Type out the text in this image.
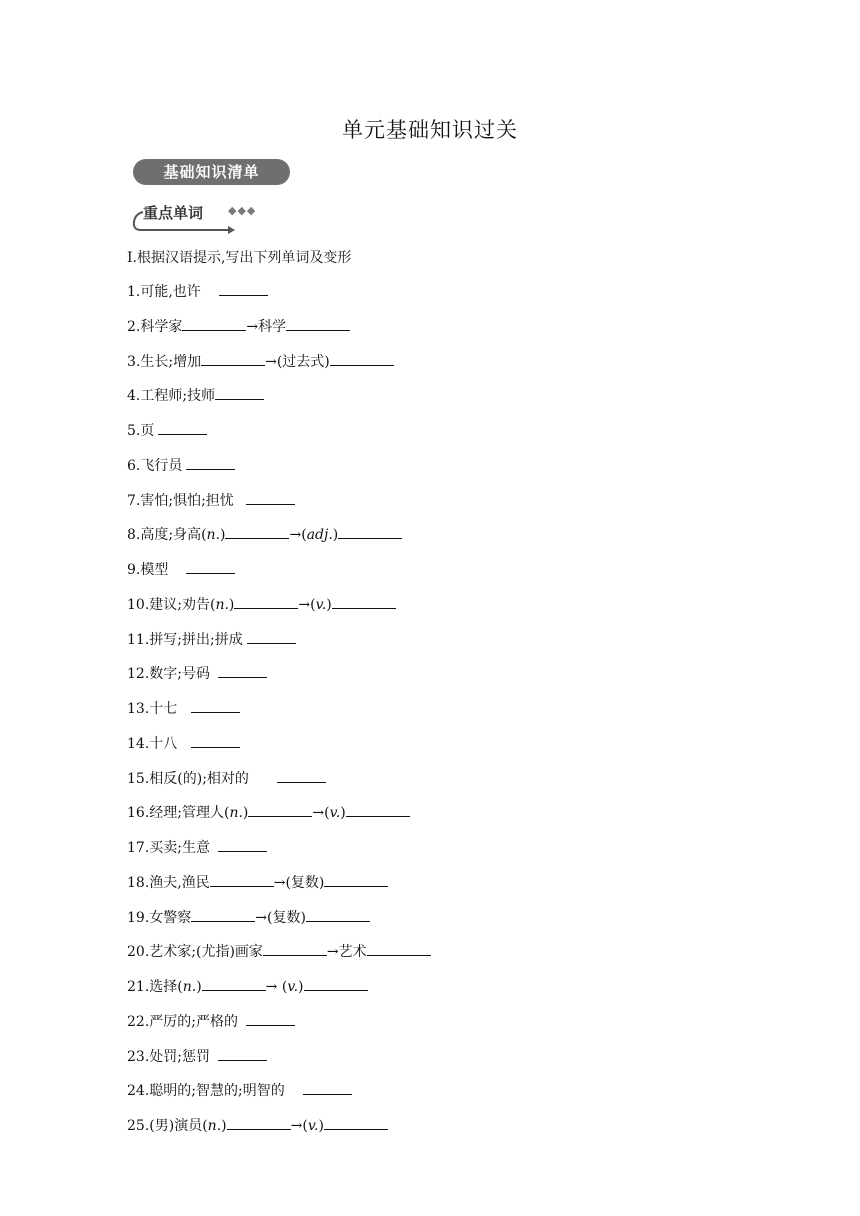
单元基础知识过关
基础知识清单
重点单词 ◆◆◆
Ⅰ.根据汉语提示,写出下列单词及变形
1.可能,也许
2.科学家	→科学
3.生长;增加	→(过去式)
4.工程师;技师
5.页
6.飞行员
7.害怕;惧怕;担忧
8.高度;身高(n.)	→(adj.)
9.模型
10.建议;劝告(n.)	→(v.)
11.拼写;拼出;拼成
12.数字;号码
13.十七
14.十八
15.相反(的);相对的
16.经理;管理人(n.)	→(v.)
17.买卖;生意
18.渔夫,渔民	→(复数)
19.女警察	→(复数)
20.艺术家;(尤指)画家	→艺术
21.选择(n.)	→ (v.)
22.严厉的;严格的
23.处罚;惩罚
24.聪明的;智慧的;明智的
25.(男)演员(n.)	→(v.)
